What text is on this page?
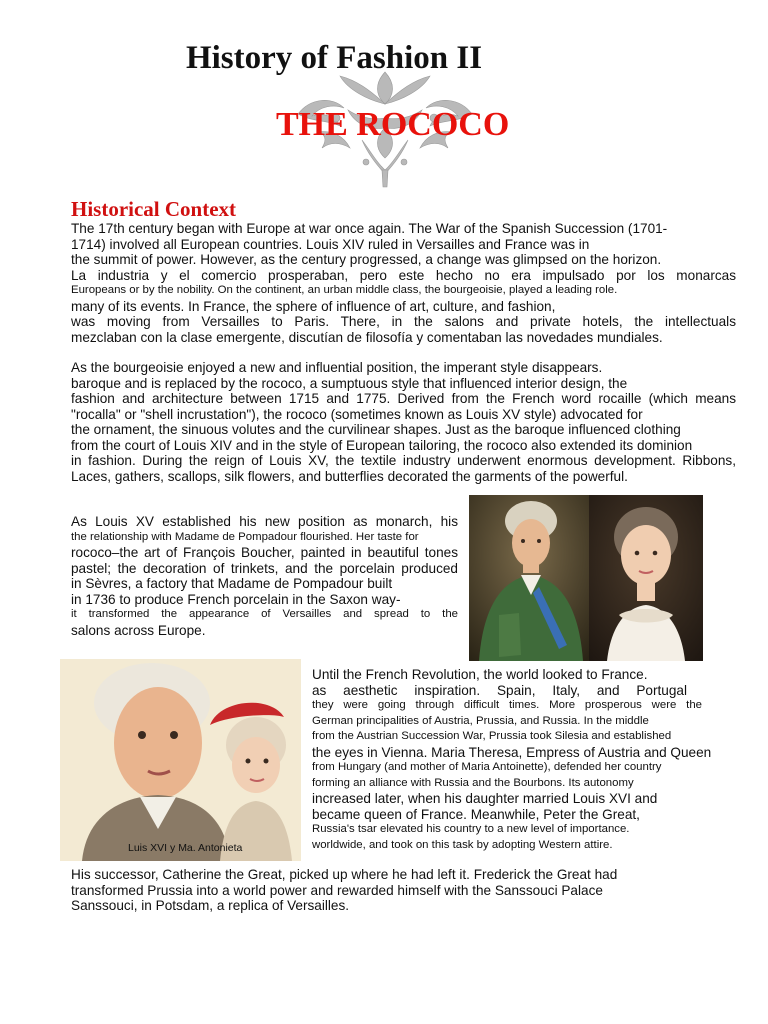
History of Fashion II
THE ROCOCO
Historical Context
The 17th century began with Europe at war once again. The War of the Spanish Succession (1701-
1714) involved all European countries. Louis XIV ruled in Versailles and France was in
the summit of power. However, as the century progressed, a change was glimpsed on the horizon.
La industria y el comercio prosperaban, pero este hecho no era impulsado por los monarcas
Europeans or by the nobility. On the continent, an urban middle class, the bourgeoisie, played a leading role.
many of its events. In France, the sphere of influence of art, culture, and fashion,
was moving from Versailles to Paris. There, in the salons and private hotels, the intellectuals
mezclaban con la clase emergente, discutían de filosofía y comentaban las novedades mundiales.
As the bourgeoisie enjoyed a new and influential position, the imperant style disappears.
baroque and is replaced by the rococo, a sumptuous style that influenced interior design, the
fashion and architecture between 1715 and 1775. Derived from the French word rocaille (which means
"rocalla" or "shell incrustation"), the rococo (sometimes known as Louis XV style) advocated for
the ornament, the sinuous volutes and the curvilinear shapes. Just as the baroque influenced clothing
from the court of Louis XIV and in the style of European tailoring, the rococo also extended its dominion
in fashion. During the reign of Louis XV, the textile industry underwent enormous development. Ribbons,
Laces, gathers, scallops, silk flowers, and butterflies decorated the garments of the powerful.
As Louis XV established his new position as monarch, his
the relationship with Madame de Pompadour flourished. Her taste for
rococo–the art of François Boucher, painted in beautiful tones
pastel; the decoration of trinkets, and the porcelain produced
in Sèvres, a factory that Madame de Pompadour built
in 1736 to produce French porcelain in the Saxon way-
it transformed the appearance of Versailles and spread to the
salons across Europe.
Luis XVI y Ma. Antonieta
Until the French Revolution, the world looked to France.
as aesthetic inspiration. Spain, Italy, and Portugal
they were going through difficult times. More prosperous were the
German principalities of Austria, Prussia, and Russia. In the middle
from the Austrian Succession War, Prussia took Silesia and established
the eyes in Vienna. Maria Theresa, Empress of Austria and Queen
from Hungary (and mother of Maria Antoinette), defended her country
forming an alliance with Russia and the Bourbons. Its autonomy
increased later, when his daughter married Louis XVI and
became queen of France. Meanwhile, Peter the Great,
Russia's tsar elevated his country to a new level of importance.
worldwide, and took on this task by adopting Western attire.
His successor, Catherine the Great, picked up where he had left it. Frederick the Great had
transformed Prussia into a world power and rewarded himself with the Sanssouci Palace
Sanssouci, in Potsdam, a replica of Versailles.
